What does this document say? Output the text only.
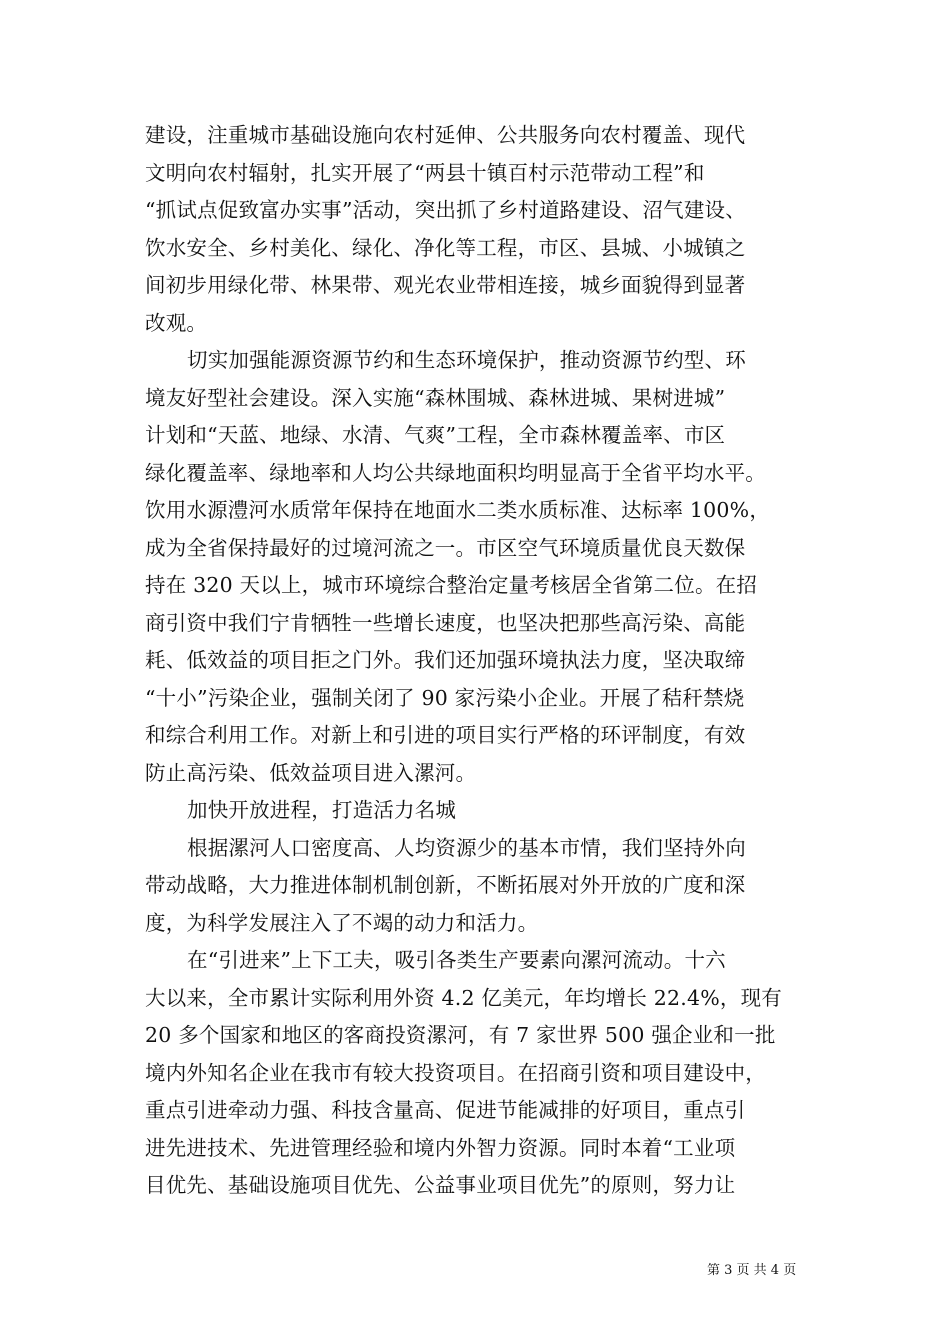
建设，注重城市基础设施向农村延伸、公共服务向农村覆盖、现代
文明向农村辐射，扎实开展了“两县十镇百村示范带动工程”和
“抓试点促致富办实事”活动，突出抓了乡村道路建设、沼气建设、
饮水安全、乡村美化、绿化、净化等工程，市区、县城、小城镇之
间初步用绿化带、林果带、观光农业带相连接，城乡面貌得到显著
改观。
切实加强能源资源节约和生态环境保护，推动资源节约型、环
境友好型社会建设。深入实施“森林围城、森林进城、果树进城”
计划和“天蓝、地绿、水清、气爽”工程，全市森林覆盖率、市区
绿化覆盖率、绿地率和人均公共绿地面积均明显高于全省平均水平。
饮用水源澧河水质常年保持在地面水二类水质标准、达标率 100%，
成为全省保持最好的过境河流之一。市区空气环境质量优良天数保
持在 320 天以上，城市环境综合整治定量考核居全省第二位。在招
商引资中我们宁肯牺牲一些增长速度，也坚决把那些高污染、高能
耗、低效益的项目拒之门外。我们还加强环境执法力度，坚决取缔
“十小”污染企业，强制关闭了 90 家污染小企业。开展了秸秆禁烧
和综合利用工作。对新上和引进的项目实行严格的环评制度，有效
防止高污染、低效益项目进入漯河。
加快开放进程，打造活力名城
根据漯河人口密度高、人均资源少的基本市情，我们坚持外向
带动战略，大力推进体制机制创新，不断拓展对外开放的广度和深
度，为科学发展注入了不竭的动力和活力。
在“引进来”上下工夫，吸引各类生产要素向漯河流动。十六
大以来，全市累计实际利用外资 4.2 亿美元，年均增长 22.4%，现有
20 多个国家和地区的客商投资漯河，有 7 家世界 500 强企业和一批
境内外知名企业在我市有较大投资项目。在招商引资和项目建设中，
重点引进牵动力强、科技含量高、促进节能减排的好项目，重点引
进先进技术、先进管理经验和境内外智力资源。同时本着“工业项
目优先、基础设施项目优先、公益事业项目优先”的原则，努力让
第 3 页 共 4 页
